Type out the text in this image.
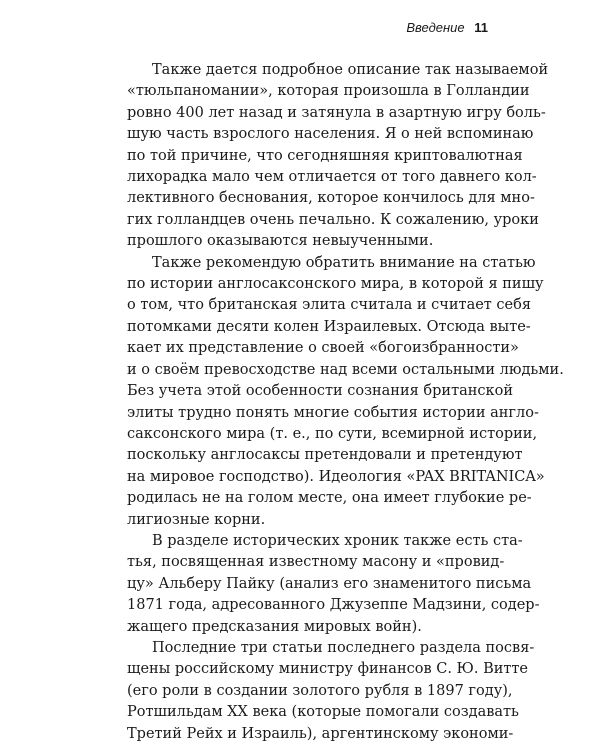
Введение 11

Также дается подробное описание так называемой
«тюльпаномании», которая произошла в Голландии
ровно 400 лет назад и затянула в азартную игру боль-
шую часть взрослого населения. Я о ней вспоминаю
по той причине, что сегодняшняя криптовалютная
лихорадка мало чем отличается от того давнего кол-
лективного беснования, которое кончилось для мно-
гих голландцев очень печально. К сожалению, уроки
прошлого оказываются невыученными.

Также рекомендую обратить внимание на статью
по истории англосаксонского мира, в которой я пишу
о том, что британская элита считала и считает себя
потомками десяти колен Израилевых. Отсюда выте-
кает их представление о своей «богоизбранности»
и о своём превосходстве над всеми остальными людьми.
Без учета этой особенности сознания британской
элиты трудно понять многие события истории англо-
саксонского мира (т. е., по сути, всемирной истории,
поскольку англосаксы претендовали и претендуют
на мировое господство). Идеология «PAX BRITANICA»
родилась не на голом месте, она имеет глубокие ре-
лигиозные корни.

В разделе исторических хроник также есть ста-
тья, посвященная известному масону и «провид-
цу» Альберу Пайку (анализ его знаменитого письма
1871 года, адресованного Джузеппе Мадзини, содер-
жащего предсказания мировых войн).

Последние три статьи последнего раздела посвя-
щены российскому министру финансов С. Ю. Витте
(его роли в создании золотого рубля в 1897 году),
Ротшильдам XX века (которые помогали создавать
Третий Рейх и Израиль), аргентинскому экономи-
